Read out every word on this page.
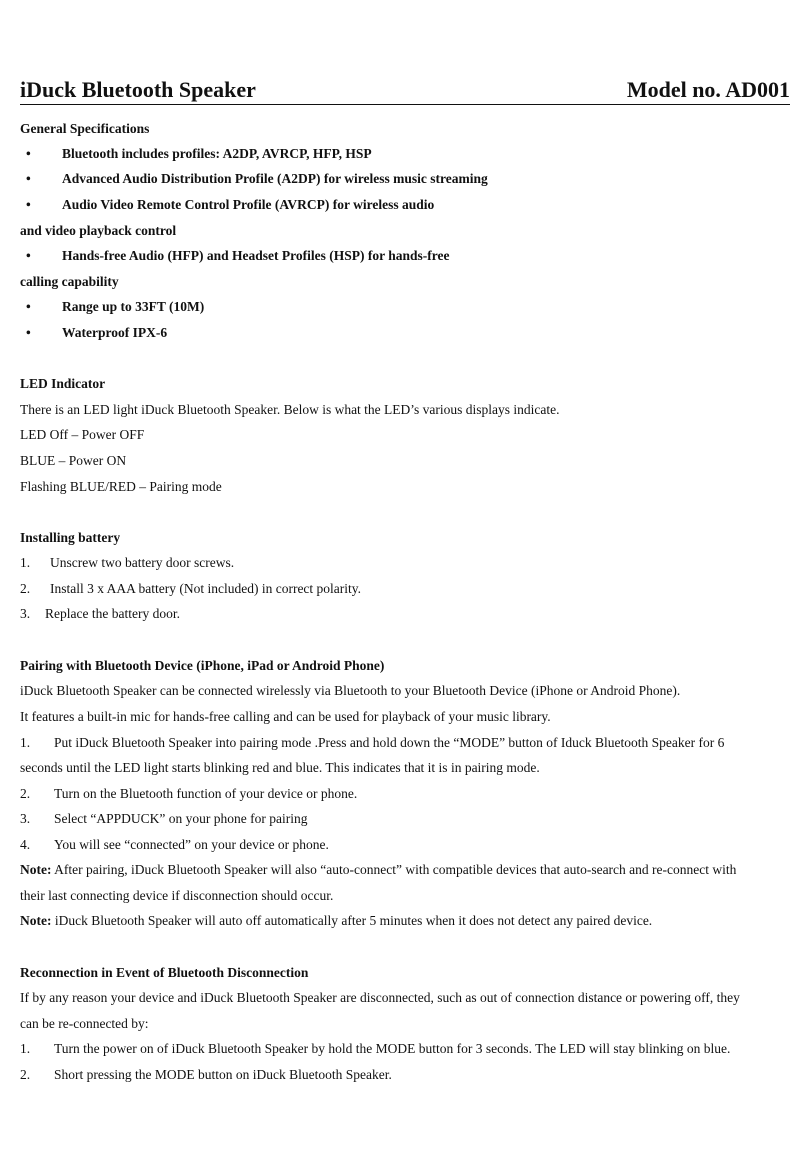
iDuck Bluetooth Speaker	Model no. AD001
General Specifications
• Bluetooth includes profiles: A2DP, AVRCP, HFP, HSP
• Advanced Audio Distribution Profile (A2DP) for wireless music streaming
• Audio Video Remote Control Profile (AVRCP) for wireless audio
and video playback control
• Hands-free Audio (HFP) and Headset Profiles (HSP) for hands-free
calling capability
• Range up to 33FT (10M)
• Waterproof IPX-6
LED Indicator
There is an LED light iDuck Bluetooth Speaker. Below is what the LED’s various displays indicate.
LED Off – Power OFF
BLUE – Power ON
Flashing BLUE/RED – Pairing mode
Installing battery
1. Unscrew two battery door screws.
2. Install 3 x AAA battery (Not included) in correct polarity.
3. Replace the battery door.
Pairing with Bluetooth Device (iPhone, iPad or Android Phone)
iDuck Bluetooth Speaker can be connected wirelessly via Bluetooth to your Bluetooth Device (iPhone or Android Phone).
It features a built-in mic for hands-free calling and can be used for playback of your music library.
1. Put iDuck Bluetooth Speaker into pairing mode .Press and hold down the “MODE” button of Iduck Bluetooth Speaker for 6
seconds until the LED light starts blinking red and blue. This indicates that it is in pairing mode.
2. Turn on the Bluetooth function of your device or phone.
3. Select “APPDUCK” on your phone for pairing
4. You will see “connected” on your device or phone.
Note: After pairing, iDuck Bluetooth Speaker will also “auto-connect” with compatible devices that auto-search and re-connect with
their last connecting device if disconnection should occur.
Note: iDuck Bluetooth Speaker will auto off automatically after 5 minutes when it does not detect any paired device.
Reconnection in Event of Bluetooth Disconnection
If by any reason your device and iDuck Bluetooth Speaker are disconnected, such as out of connection distance or powering off, they
can be re-connected by:
1. Turn the power on of iDuck Bluetooth Speaker by hold the MODE button for 3 seconds. The LED will stay blinking on blue.
2. Short pressing the MODE button on iDuck Bluetooth Speaker.
